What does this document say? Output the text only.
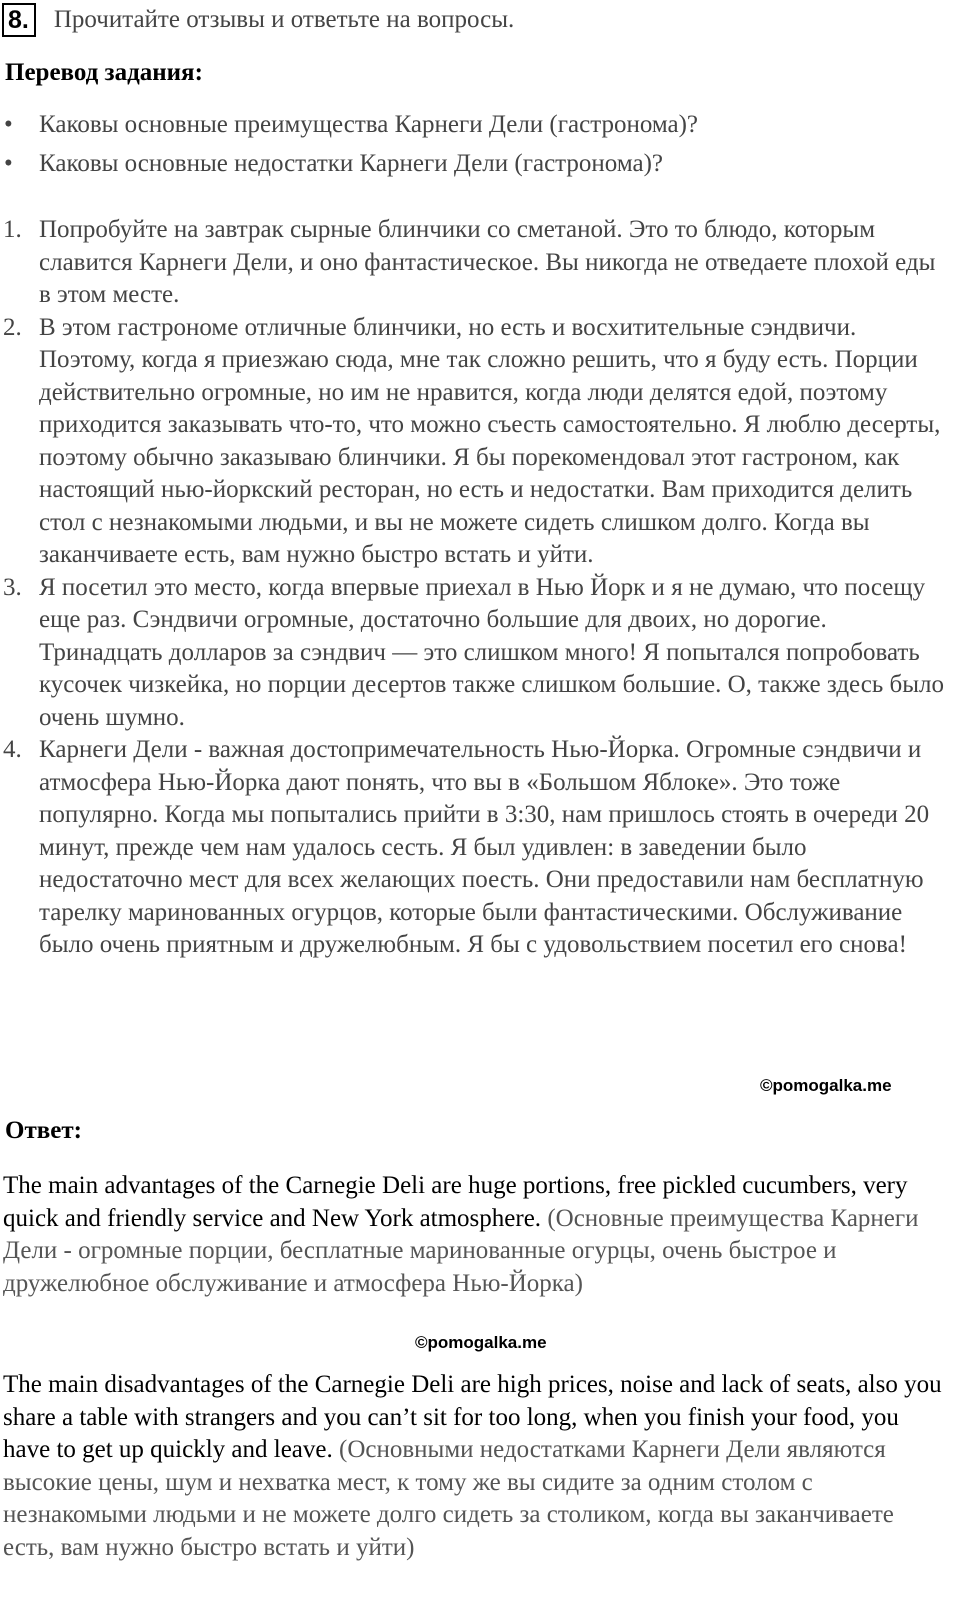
8. Прочитайте отзывы и ответьте на вопросы.

Перевод задания:

• Каковы основные преимущества Карнеги Дели (гастронома)?
• Каковы основные недостатки Карнеги Дели (гастронома)?
1. Попробуйте на завтрак сырные блинчики со сметаной. Это то блюдо, которым славится Карнеги Дели, и оно фантастическое. Вы никогда не отведаете плохой еды в этом месте.
2. В этом гастрономе отличные блинчики, но есть и восхитительные сэндвичи. Поэтому, когда я приезжаю сюда, мне так сложно решить, что я буду есть. Порции действительно огромные, но им не нравится, когда люди делятся едой, поэтому приходится заказывать что-то, что можно съесть самостоятельно. Я люблю десерты, поэтому обычно заказываю блинчики. Я бы порекомендовал этот гастроном, как настоящий нью-йоркский ресторан, но есть и недостатки. Вам приходится делить стол с незнакомыми людьми, и вы не можете сидеть слишком долго. Когда вы заканчиваете есть, вам нужно быстро встать и уйти.
3. Я посетил это место, когда впервые приехал в Нью Йорк и я не думаю, что посещу еще раз. Сэндвичи огромные, достаточно большие для двоих, но дорогие. Тринадцать долларов за сэндвич — это слишком много! Я попытался попробовать кусочек чизкейка, но порции десертов также слишком большие. О, также здесь было очень шумно.
4. Карнеги Дели - важная достопримечательность Нью-Йорка. Огромные сэндвичи и атмосфера Нью-Йорка дают понять, что вы в «Большом Яблоке». Это тоже популярно. Когда мы попытались прийти в 3:30, нам пришлось стоять в очереди 20 минут, прежде чем нам удалось сесть. Я был удивлен: в заведении было недостаточно мест для всех желающих поесть. Они предоставили нам бесплатную тарелку маринованных огурцов, которые были фантастическими. Обслуживание было очень приятным и дружелюбным. Я бы с удовольствием посетил его снова!
©pomogalka.me

Ответ:

The main advantages of the Carnegie Deli are huge portions, free pickled cucumbers, very quick and friendly service and New York atmosphere. (Основные преимущества Карнеги Дели - огромные порции, бесплатные маринованные огурцы, очень быстрое и дружелюбное обслуживание и атмосфера Нью-Йорка)

©pomogalka.me

The main disadvantages of the Carnegie Deli are high prices, noise and lack of seats, also you share a table with strangers and you can’t sit for too long, when you finish your food, you have to get up quickly and leave. (Основными недостатками Карнеги Дели являются высокие цены, шум и нехватка мест, к тому же вы сидите за одним столом с незнакомыми людьми и не можете долго сидеть за столиком, когда вы заканчиваете есть, вам нужно быстро встать и уйти)
